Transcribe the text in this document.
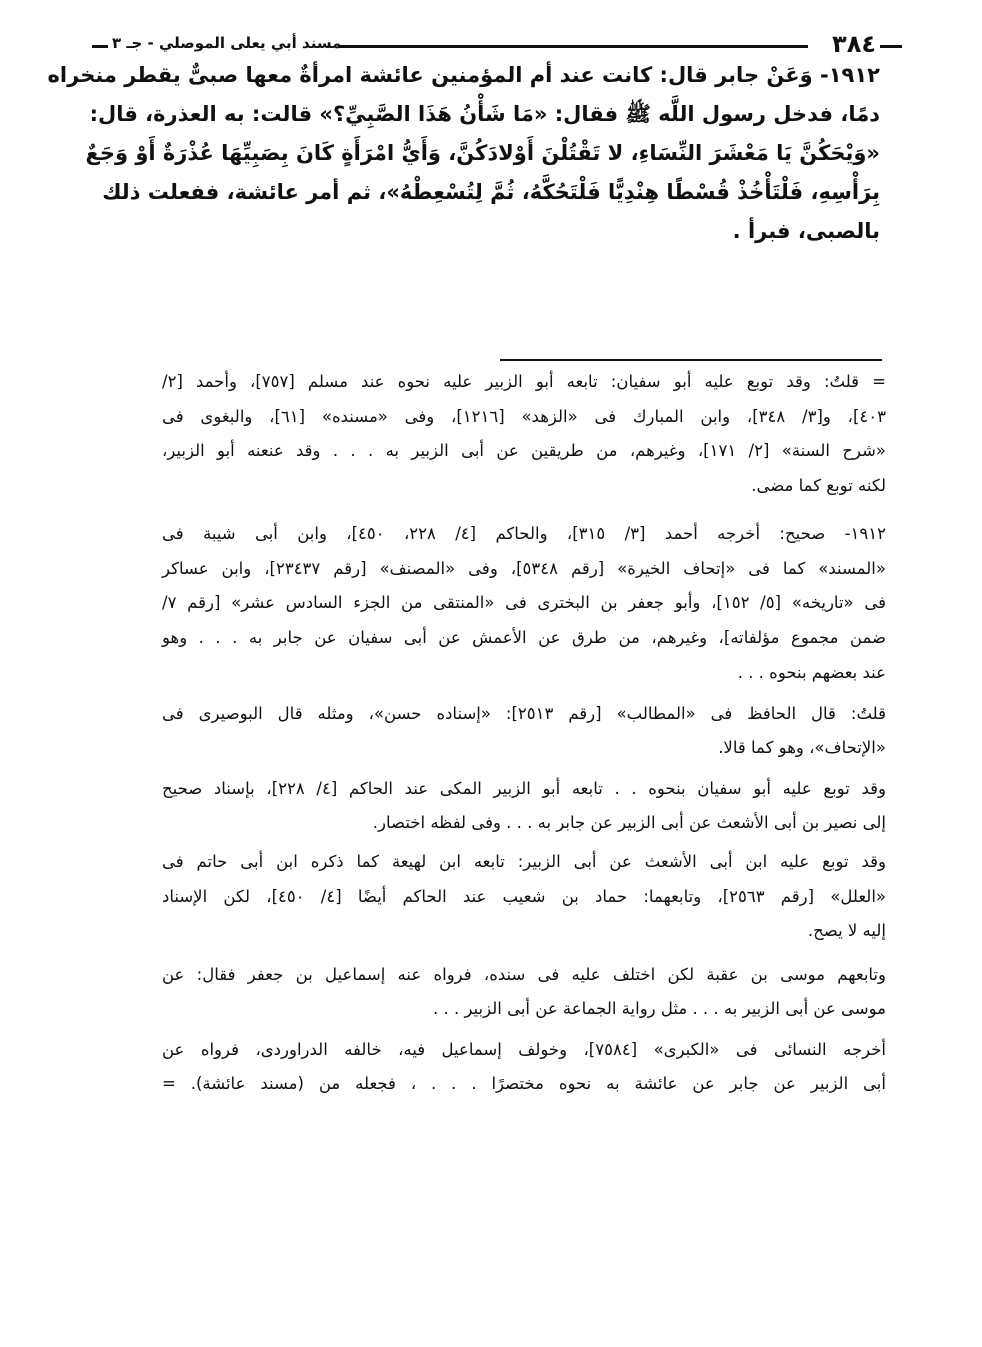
٣٨٤
مسند أبي يعلى الموصلي - جـ ٣
١٩١٢- وَعَنْ جابر قال: كانت عند أم المؤمنين عائشة امرأةٌ معها صبىٌّ يقطر منخراه
دمًا، فدخل رسول اللَّه ﷺ فقال: «مَا شَأْنُ هَذَا الصَّبِيِّ؟» قالت: به العذرة، قال:
«وَيْحَكُنَّ يَا مَعْشَرَ النِّسَاءِ، لا تَقْتُلْنَ أَوْلادَكُنَّ، وَأَيُّ امْرَأَةٍ كَانَ بِصَبِيِّهَا عُذْرَةٌ أَوْ وَجَعٌ
بِرَأْسِهِ، فَلْتَأْخُذْ قُسْطًا هِنْدِيًّا فَلْتَحُكَّهُ، ثُمَّ لِتُسْعِطْهُ»، ثم أمر عائشة، ففعلت ذلك
بالصبى، فبرأ .
= قلتُ: وقد توبع عليه أبو سفيان: تابعه أبو الزبير عليه نحوه عند مسلم [٧٥٧]، وأحمد [٢/
٤٠٣]، و[٣/ ٣٤٨]، وابن المبارك فى «الزهد» [١٢١٦]، وفى «مسنده» [٦١]، والبغوى فى
«شرح السنة» [٢/ ١٧١]، وغيرهم، من طريقين عن أبى الزبير به . . . وقد عنعنه أبو الزبير،
لكنه توبع كما مضى.
١٩١٢- صحيح: أخرجه أحمد [٣/ ٣١٥]، والحاكم [٤/ ٢٢٨، ٤٥٠]، وابن أبى شيبة فى
«المسند» كما فى «إتحاف الخيرة» [رقم ٥٣٤٨]، وفى «المصنف» [رقم ٢٣٤٣٧]، وابن عساكر
فى «تاريخه» [٥/ ١٥٢]، وأبو جعفر بن البخترى فى «المنتقى من الجزء السادس عشر» [رقم ٧/
ضمن مجموع مؤلفاته]، وغيرهم، من طرق عن الأعمش عن أبى سفيان عن جابر به . . . وهو
عند بعضهم بنحوه . . .
قلتُ: قال الحافظ فى «المطالب» [رقم ٢٥١٣]: «إسناده حسن»، ومثله قال البوصيرى فى
«الإتحاف»، وهو كما قالا.
وقد توبع عليه أبو سفيان بنحوه . . تابعه أبو الزبير المكى عند الحاكم [٤/ ٢٢٨]، بإسناد صحيح
إلى نصير بن أبى الأشعث عن أبى الزبير عن جابر به . . . وفى لفظه اختصار.
وقد توبع عليه ابن أبى الأشعث عن أبى الزبير: تابعه ابن لهيعة كما ذكره ابن أبى حاتم فى
«العلل» [رقم ٢٥٦٣]، وتابعهما: حماد بن شعيب عند الحاكم أيضًا [٤/ ٤٥٠]، لكن الإسناد
إليه لا يصح.
وتابعهم موسى بن عقبة لكن اختلف عليه فى سنده، فرواه عنه إسماعيل بن جعفر فقال: عن
موسى عن أبى الزبير به . . . مثل رواية الجماعة عن أبى الزبير . . .
أخرجه النسائى فى «الكبرى» [٧٥٨٤]، وخولف إسماعيل فيه، خالفه الدراوردى، فرواه عن
أبى الزبير عن جابر عن عائشة به نحوه مختصرًا . . . ، فجعله من (مسند عائشة). =
